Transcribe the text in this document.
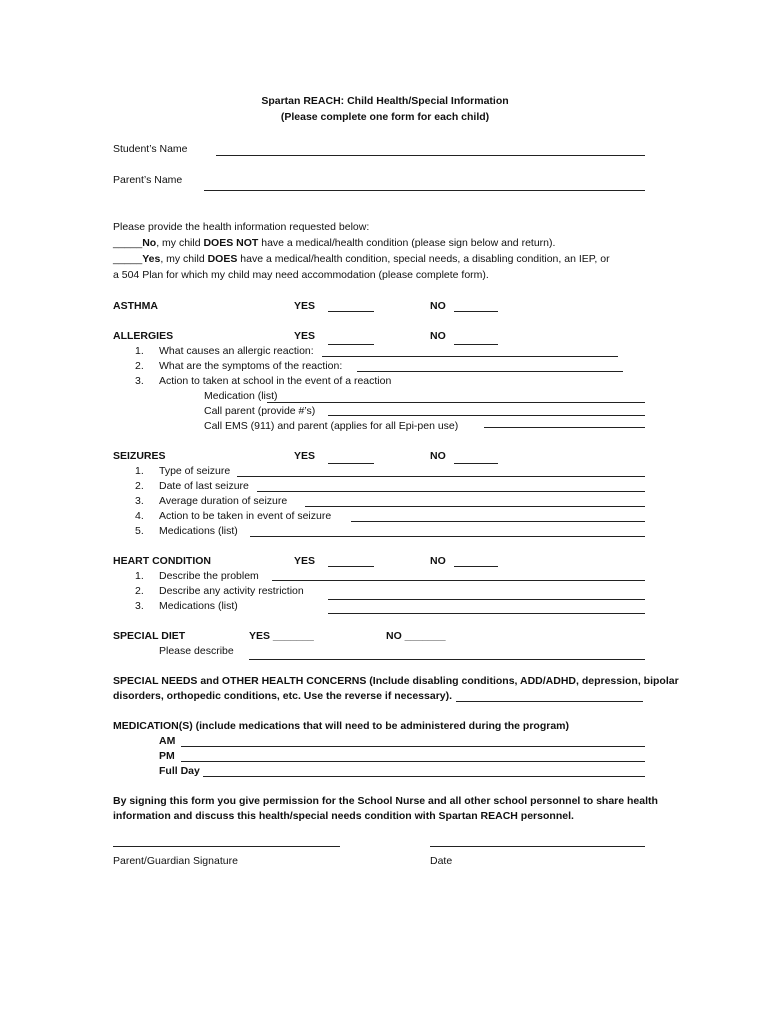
Spartan REACH: Child Health/Special Information
(Please complete one form for each child)
Student’s Name
Parent’s Name
Please provide the health information requested below:
_____No, my child DOES NOT have a medical/health condition (please sign below and return).
_____Yes, my child DOES have a medical/health condition, special needs, a disabling condition, an IEP, or
a 504 Plan for which my child may need accommodation (please complete form).
ASTHMA	YES	NO
ALLERGIES	YES	NO
1. What causes an allergic reaction:
2. What are the symptoms of the reaction:
3. Action to taken at school in the event of a reaction
Medication (list)
Call parent (provide #’s)
Call EMS (911) and parent (applies for all Epi-pen use)
SEIZURES	YES	NO
1. Type of seizure
2. Date of last seizure
3. Average duration of seizure
4. Action to be taken in event of seizure
5. Medications (list)
HEART CONDITION	YES	NO
1. Describe the problem
2. Describe any activity restriction
3. Medications (list)
SPECIAL DIET	YES _______	NO _______
Please describe
SPECIAL NEEDS and OTHER HEALTH CONCERNS (Include disabling conditions, ADD/ADHD, depression, bipolar
disorders, orthopedic conditions, etc. Use the reverse if necessary).
MEDICATION(S) (include medications that will need to be administered during the program)
AM
PM
Full Day
By signing this form you give permission for the School Nurse and all other school personnel to share health
information and discuss this health/special needs condition with Spartan REACH personnel.
Parent/Guardian Signature	Date
